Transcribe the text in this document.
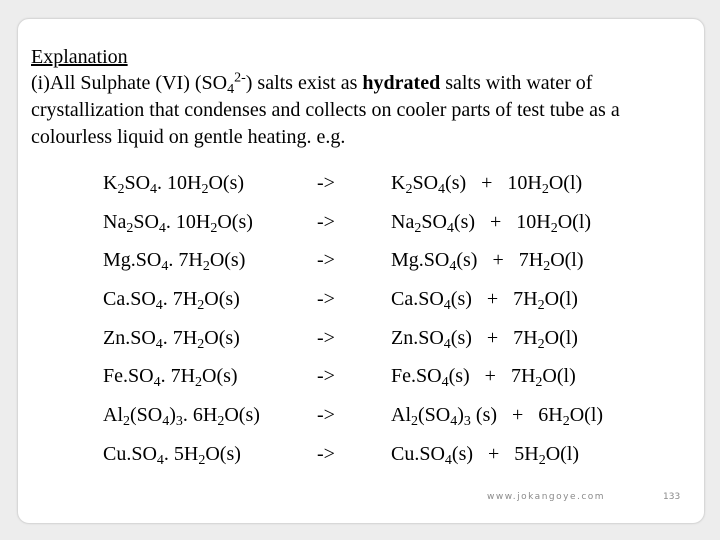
Explanation

(i)All Sulphate (VI) $(SO_4^{2-})$ salts exist as hydrated salts with water of crystallization that condenses and collects on cooler parts of test tube as a colourless liquid on gentle heating. e.g.

$K_2SO_4$. $10H_2O(s)$	->	$K_2SO_4(s) + 10H_2O(l)$
$Na_2SO_4$. $10H_2O(s)$	->	$Na_2SO_4(s) + 10H_2O(l)$
$Mg.SO_4$. $7H_2O(s)$	->	$Mg.SO_4(s) + 7H_2O(l)$
$Ca.SO_4$. $7H_2O(s)$	->	$Ca.SO_4(s) + 7H_2O(l)$
$Zn.SO_4$. $7H_2O(s)$	->	$Zn.SO_4(s) + 7H_2O(l)$
$Fe.SO_4$. $7H_2O(s)$	->	$Fe.SO_4(s) + 7H_2O(l)$
$Al_2(SO_4)_3$. $6H_2O(s)$	->	$Al_2(SO_4)_3$ $(s) + 6H_2O(l)$
$Cu.SO_4$. $5H_2O(s)$	->	$Cu.SO_4(s) + 5H_2O(l)$
www.jokangoye.com	133
